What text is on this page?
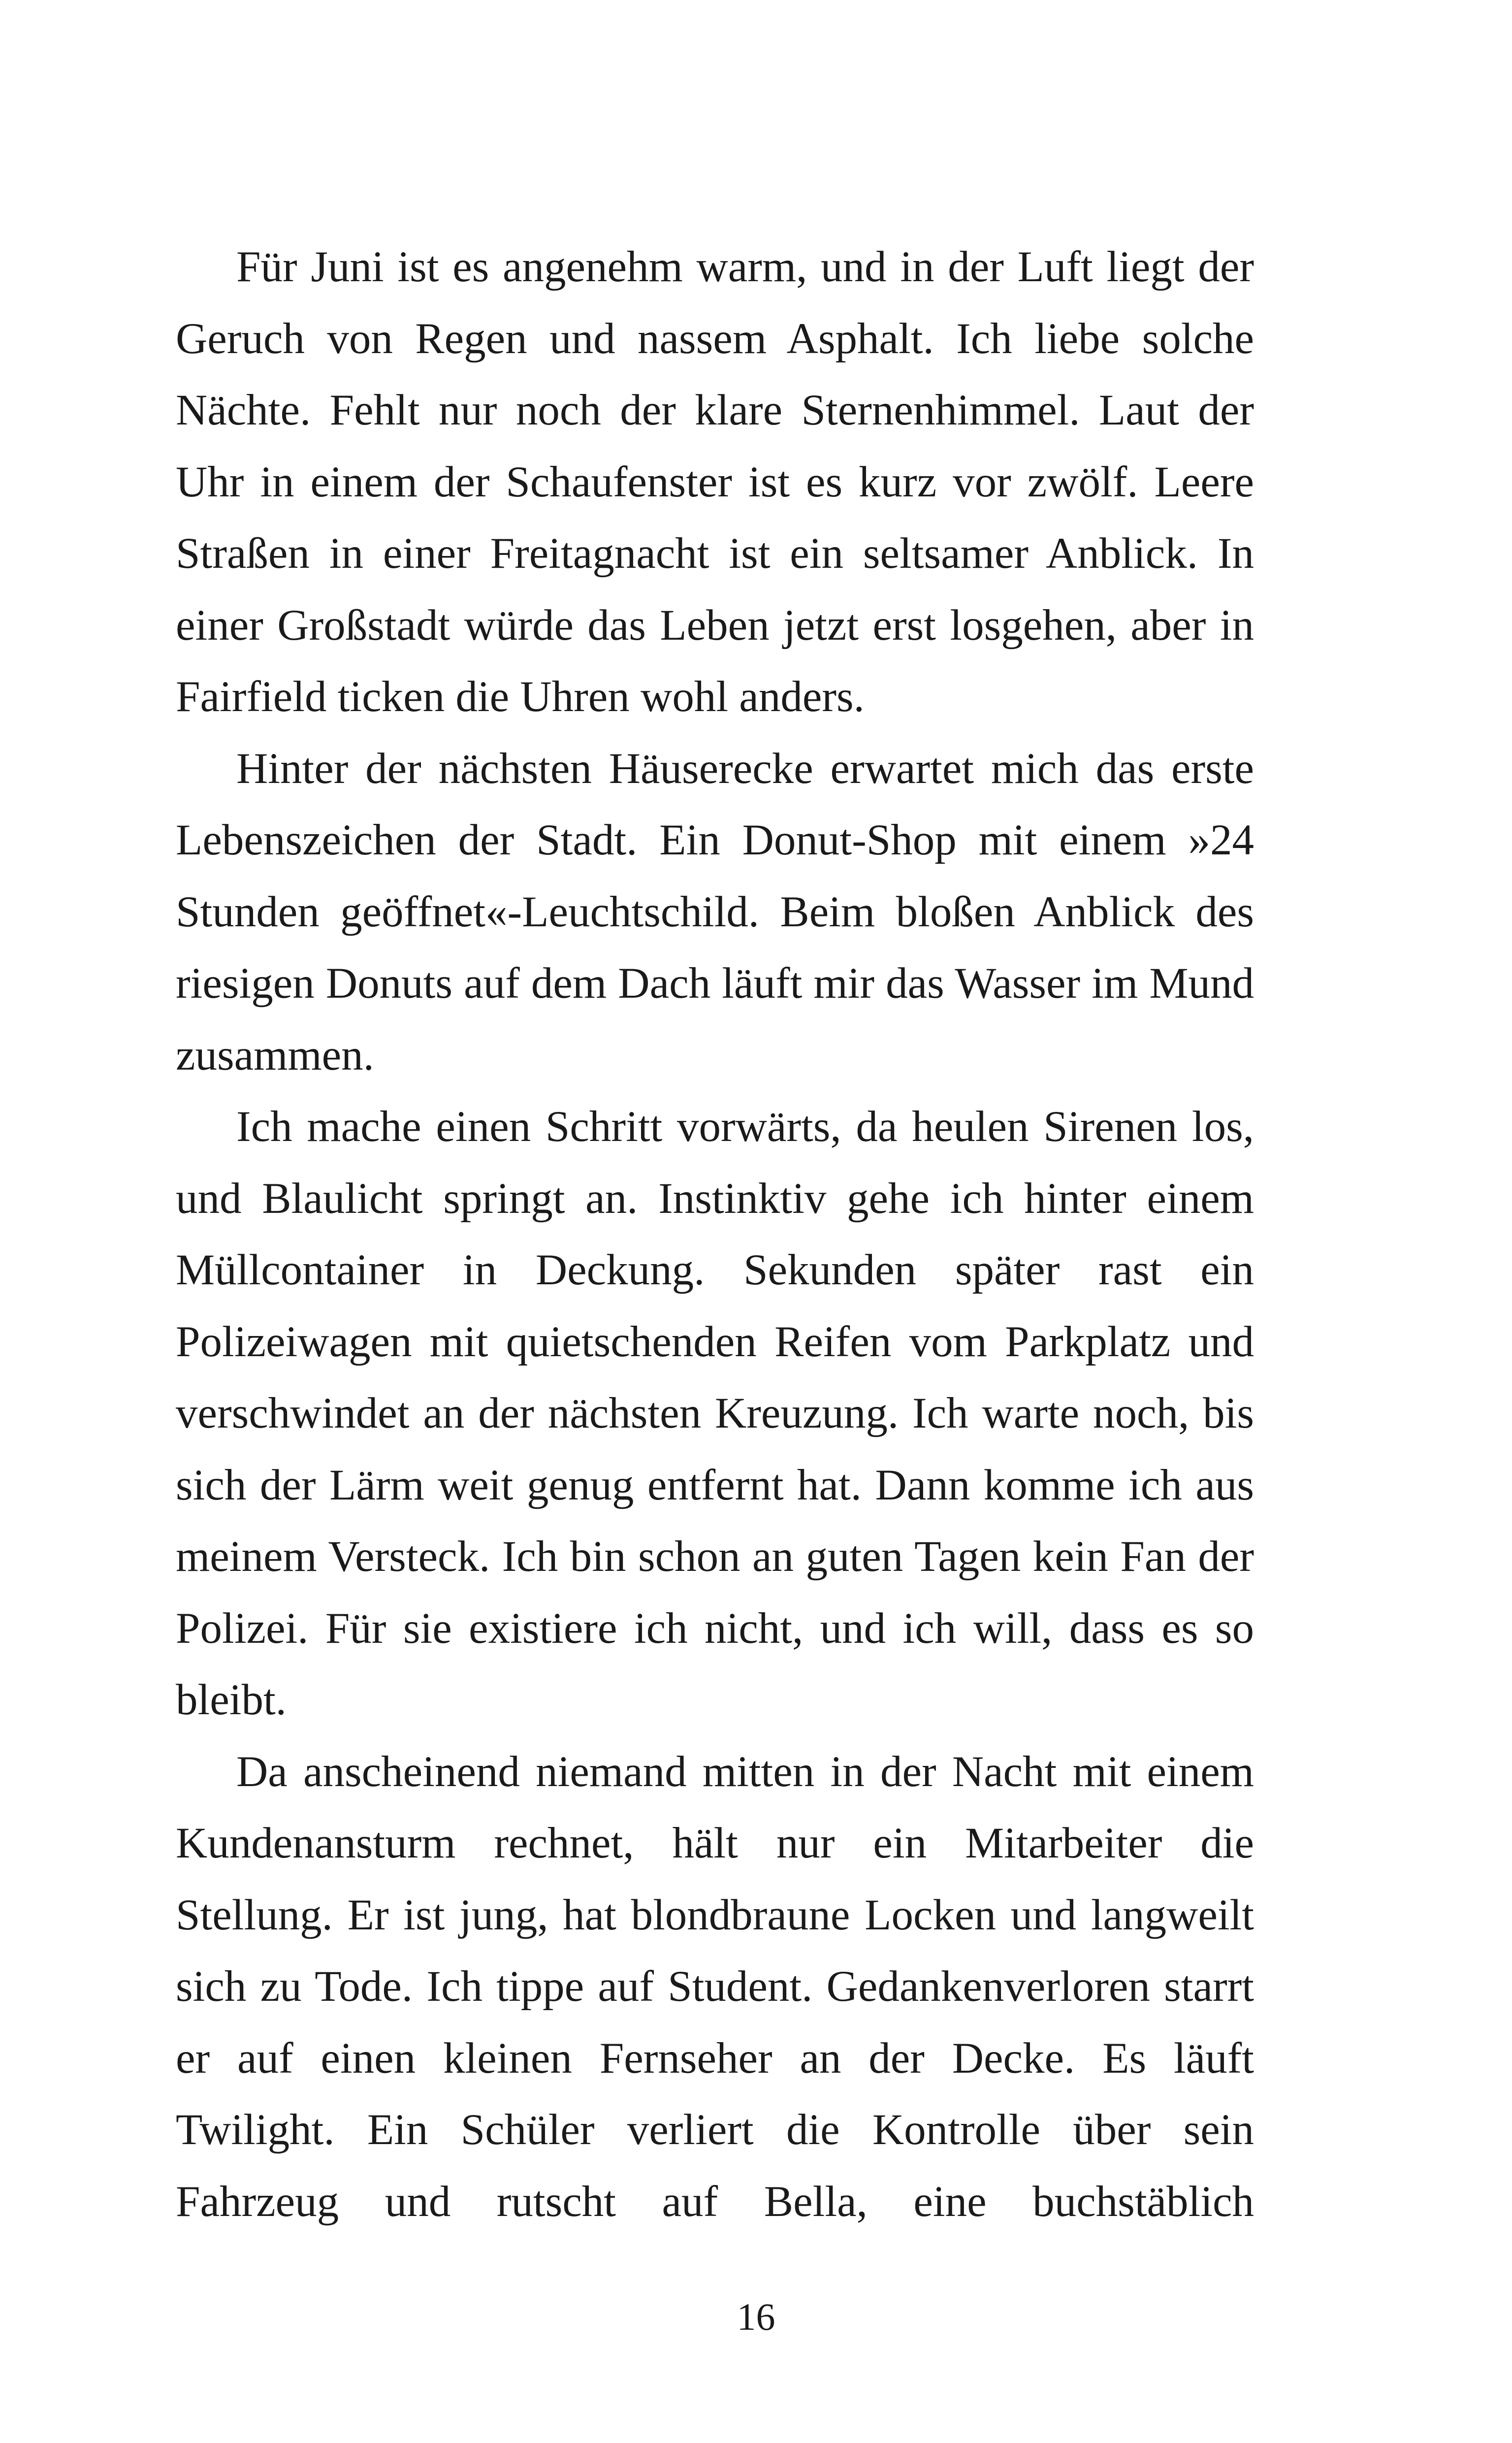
Für Juni ist es angenehm warm, und in der Luft liegt der Geruch von Regen und nassem Asphalt. Ich liebe solche Nächte. Fehlt nur noch der klare Sternenhimmel. Laut der Uhr in einem der Schaufenster ist es kurz vor zwölf. Leere Straßen in einer Freitagnacht ist ein seltsamer Anblick. In einer Großstadt würde das Leben jetzt erst losgehen, aber in Fairfield ticken die Uhren wohl anders.

Hinter der nächsten Häuserecke erwartet mich das erste Lebenszeichen der Stadt. Ein Donut-Shop mit einem »24 Stunden geöffnet«-Leuchtschild. Beim bloßen Anblick des riesigen Donuts auf dem Dach läuft mir das Wasser im Mund zusammen.

Ich mache einen Schritt vorwärts, da heulen Sirenen los, und Blaulicht springt an. Instinktiv gehe ich hinter einem Müllcontainer in Deckung. Sekunden später rast ein Polizeiwagen mit quietschenden Reifen vom Parkplatz und verschwindet an der nächsten Kreuzung. Ich warte noch, bis sich der Lärm weit genug entfernt hat. Dann komme ich aus meinem Versteck. Ich bin schon an guten Tagen kein Fan der Polizei. Für sie existiere ich nicht, und ich will, dass es so bleibt.

Da anscheinend niemand mitten in der Nacht mit einem Kundenansturm rechnet, hält nur ein Mitarbeiter die Stellung. Er ist jung, hat blondbraune Locken und langweilt sich zu Tode. Ich tippe auf Student. Gedankenverloren starrt er auf einen kleinen Fernseher an der Decke. Es läuft Twilight. Ein Schüler verliert die Kontrolle über sein Fahrzeug und rutscht auf Bella, eine buchstäblich

16
